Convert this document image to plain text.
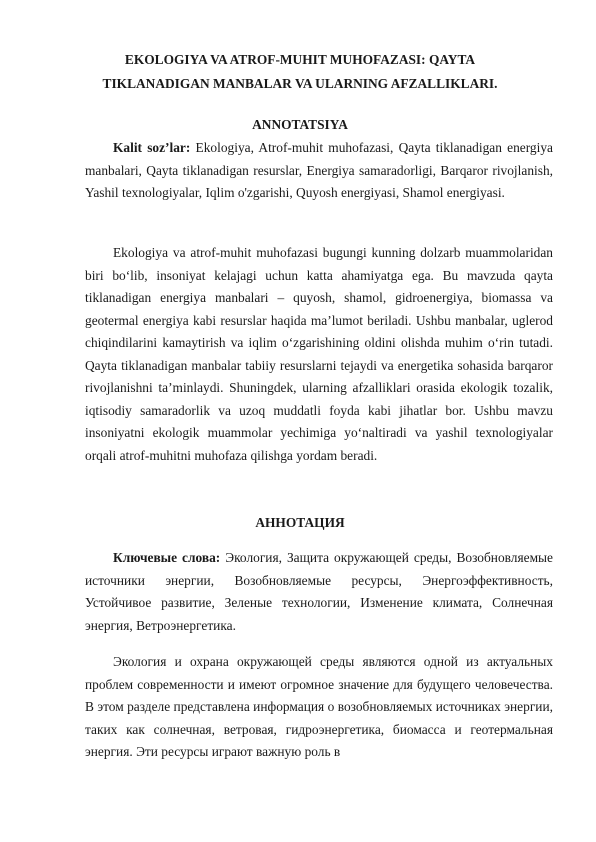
EKOLOGIYA VA ATROF-MUHIT MUHOFAZASI: QAYTA TIKLANADIGAN MANBALAR VA ULARNING AFZALLIKLARI.
ANNOTATSIYA
Kalit soz’lar: Ekologiya, Atrof-muhit muhofazasi, Qayta tiklanadigan energiya manbalari, Qayta tiklanadigan resurslar, Energiya samaradorligi, Barqaror rivojlanish, Yashil texnologiyalar, Iqlim o'zgarishi, Quyosh energiyasi, Shamol energiyasi.
Ekologiya va atrof-muhit muhofazasi bugungi kunning dolzarb muammolaridan biri bo‘lib, insoniyat kelajagi uchun katta ahamiyatga ega. Bu mavzuda qayta tiklanadigan energiya manbalari – quyosh, shamol, gidroenergiya, biomassa va geotermal energiya kabi resurslar haqida ma’lumot beriladi. Ushbu manbalar, uglerod chiqindilarini kamaytirish va iqlim o‘zgarishining oldini olishda muhim o‘rin tutadi. Qayta tiklanadigan manbalar tabiiy resurslarni tejaydi va energetika sohasida barqaror rivojlanishni ta’minlaydi. Shuningdek, ularning afzalliklari orasida ekologik tozalik, iqtisodiy samaradorlik va uzoq muddatli foyda kabi jihatlar bor. Ushbu mavzu insoniyatni ekologik muammolar yechimiga yo‘naltiradi va yashil texnologiyalar orqali atrof-muhitni muhofaza qilishga yordam beradi.
АННОТАЦИЯ
Ключевые слова: Экология, Защита окружающей среды, Возобновляемые источники энергии, Возобновляемые ресурсы, Энергоэффективность, Устойчивое развитие, Зеленые технологии, Изменение климата, Солнечная энергия, Ветроэнергетика.
Экология и охрана окружающей среды являются одной из актуальных проблем современности и имеют огромное значение для будущего человечества. В этом разделе представлена информация о возобновляемых источниках энергии, таких как солнечная, ветровая, гидроэнергетика, биомасса и геотермальная энергия. Эти ресурсы играют важную роль в
